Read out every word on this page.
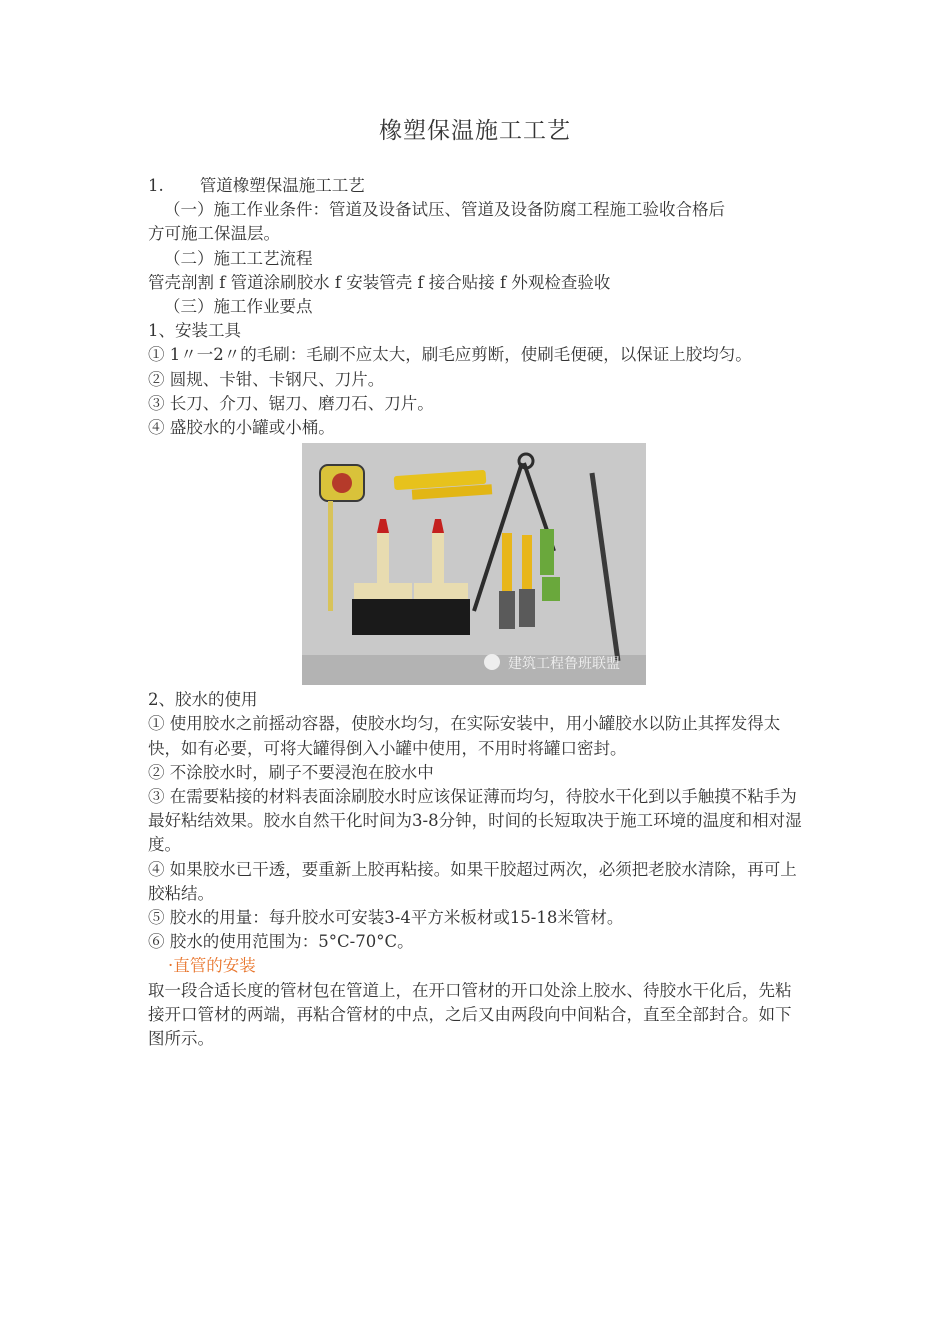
橡塑保温施工工艺

1. 管道橡塑保温施工工艺

（一）施工作业条件：管道及设备试压、管道及设备防腐工程施工验收合格后

方可施工保温层。

（二）施工工艺流程

管壳剖割 f 管道涂刷胶水 f 安装管壳 f 接合贴接 f 外观检查验收

（三）施工作业要点

1、安装工具

① 1〃一2〃的毛刷：毛刷不应太大，刷毛应剪断，使刷毛便硬，以保证上胶均匀。

② 圆规、卡钳、卡钢尺、刀片。

③ 长刀、介刀、锯刀、磨刀石、刀片。

④ 盛胶水的小罐或小桶。

建筑工程鲁班联盟

2、胶水的使用

① 使用胶水之前摇动容器，使胶水均匀，在实际安装中，用小罐胶水以防止其挥发得太快，如有必要，可将大罐得倒入小罐中使用，不用时将罐口密封。

② 不涂胶水时，刷子不要浸泡在胶水中

③ 在需要粘接的材料表面涂刷胶水时应该保证薄而均匀，待胶水干化到以手触摸不粘手为最好粘结效果。胶水自然干化时间为3-8分钟，时间的长短取决于施工环境的温度和相对湿度。

④ 如果胶水已干透，要重新上胶再粘接。如果干胶超过两次，必须把老胶水清除，再可上胶粘结。

⑤ 胶水的用量：每升胶水可安装3-4平方米板材或15-18米管材。

⑥ 胶水的使用范围为：5°C-70°C。

·直管的安装

取一段合适长度的管材包在管道上，在开口管材的开口处涂上胶水、待胶水干化后，先粘接开口管材的两端，再粘合管材的中点，之后又由两段向中间粘合，直至全部封合。如下图所示。
